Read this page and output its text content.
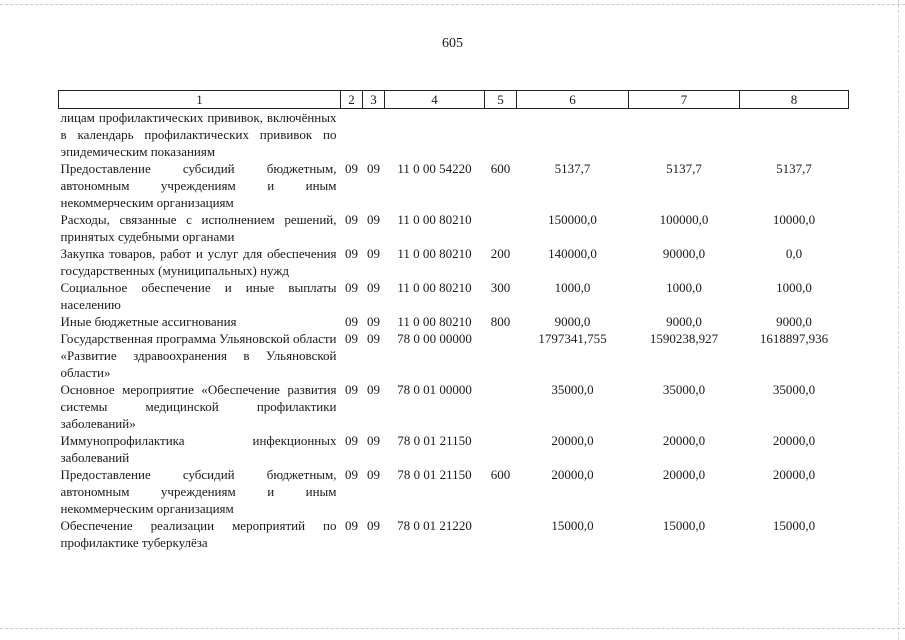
605
1	2	3	4	5	6	7	8
лицам профилактических прививок, включённых в календарь профилактических прививок по эпидемическим показаниям							
Предоставление субсидий бюджетным, автономным учреждениям и иным некоммерческим организациям	09	09	11 0 00 54220	600	5137,7	5137,7	5137,7
Расходы, связанные с исполнением решений, принятых судебными органами	09	09	11 0 00 80210		150000,0	100000,0	10000,0
Закупка товаров, работ и услуг для обеспечения государственных (муниципальных) нужд	09	09	11 0 00 80210	200	140000,0	90000,0	0,0
Социальное обеспечение и иные выплаты населению	09	09	11 0 00 80210	300	1000,0	1000,0	1000,0
Иные бюджетные ассигнования	09	09	11 0 00 80210	800	9000,0	9000,0	9000,0
Государственная программа Ульяновской области «Развитие здравоохранения в Ульяновской области»	09	09	78 0 00 00000		1797341,755	1590238,927	1618897,936
Основное мероприятие «Обеспечение развития системы медицинской профилактики заболеваний»	09	09	78 0 01 00000		35000,0	35000,0	35000,0
Иммунопрофилактика инфекционных заболеваний	09	09	78 0 01 21150		20000,0	20000,0	20000,0
Предоставление субсидий бюджетным, автономным учреждениям и иным некоммерческим организациям	09	09	78 0 01 21150	600	20000,0	20000,0	20000,0
Обеспечение реализации мероприятий по профилактике туберкулёза	09	09	78 0 01 21220		15000,0	15000,0	15000,0
